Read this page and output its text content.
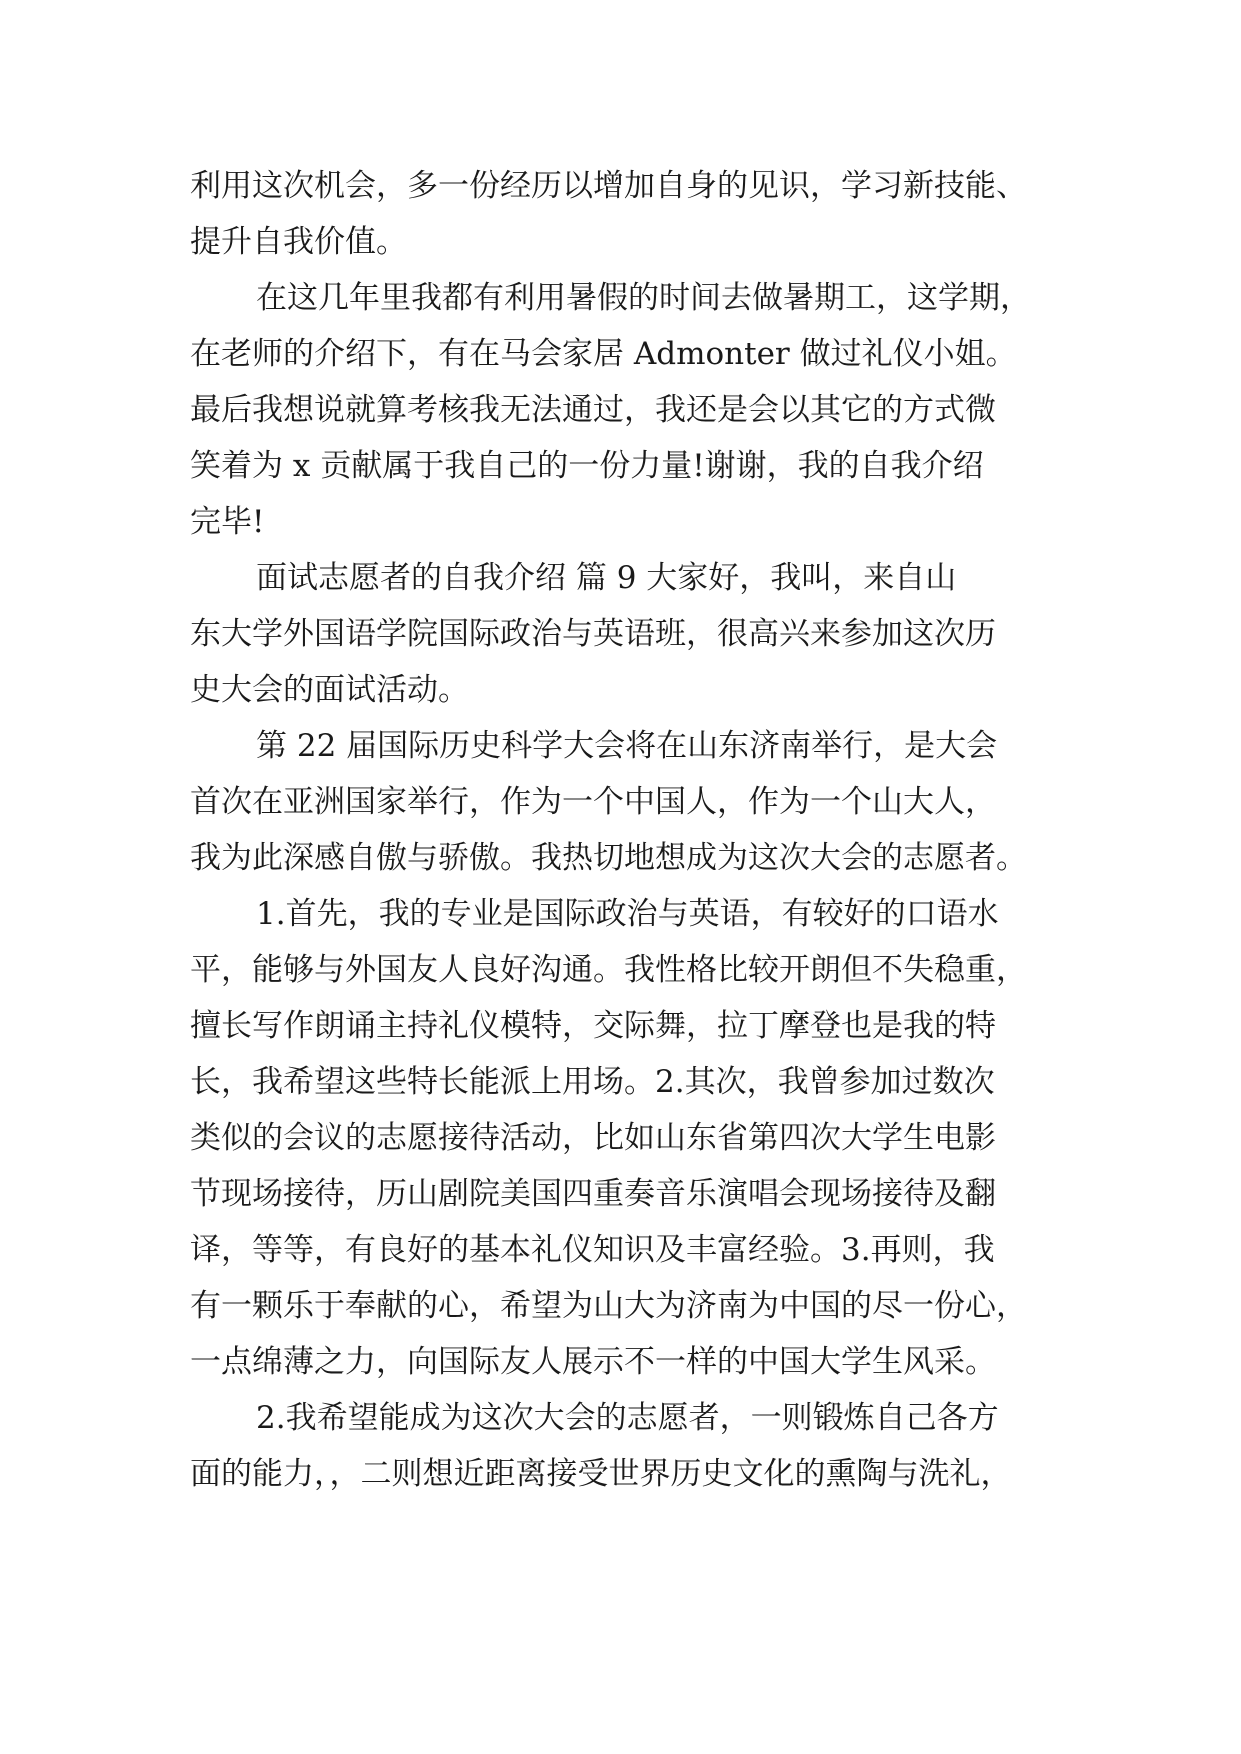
利用这次机会，多一份经历以增加自身的见识，学习新技能、
提升自我价值。
在这几年里我都有利用暑假的时间去做暑期工，这学期，
在老师的介绍下，有在马会家居 Admonter 做过礼仪小姐。
最后我想说就算考核我无法通过，我还是会以其它的方式微
笑着为 x 贡献属于我自己的一份力量!谢谢，我的自我介绍
完毕!
面试志愿者的自我介绍 篇 9 大家好，我叫，来自山
东大学外国语学院国际政治与英语班，很高兴来参加这次历
史大会的面试活动。
第 22 届国际历史科学大会将在山东济南举行，是大会
首次在亚洲国家举行，作为一个中国人，作为一个山大人，
我为此深感自傲与骄傲。我热切地想成为这次大会的志愿者。
1.首先，我的专业是国际政治与英语，有较好的口语水
平，能够与外国友人良好沟通。我性格比较开朗但不失稳重，
擅长写作朗诵主持礼仪模特，交际舞，拉丁摩登也是我的特
长，我希望这些特长能派上用场。2.其次，我曾参加过数次
类似的会议的志愿接待活动，比如山东省第四次大学生电影
节现场接待，历山剧院美国四重奏音乐演唱会现场接待及翻
译，等等，有良好的基本礼仪知识及丰富经验。3.再则，我
有一颗乐于奉献的心，希望为山大为济南为中国的尽一份心，
一点绵薄之力，向国际友人展示不一样的中国大学生风采。
2.我希望能成为这次大会的志愿者，一则锻炼自己各方
面的能力，，二则想近距离接受世界历史文化的熏陶与洗礼，
